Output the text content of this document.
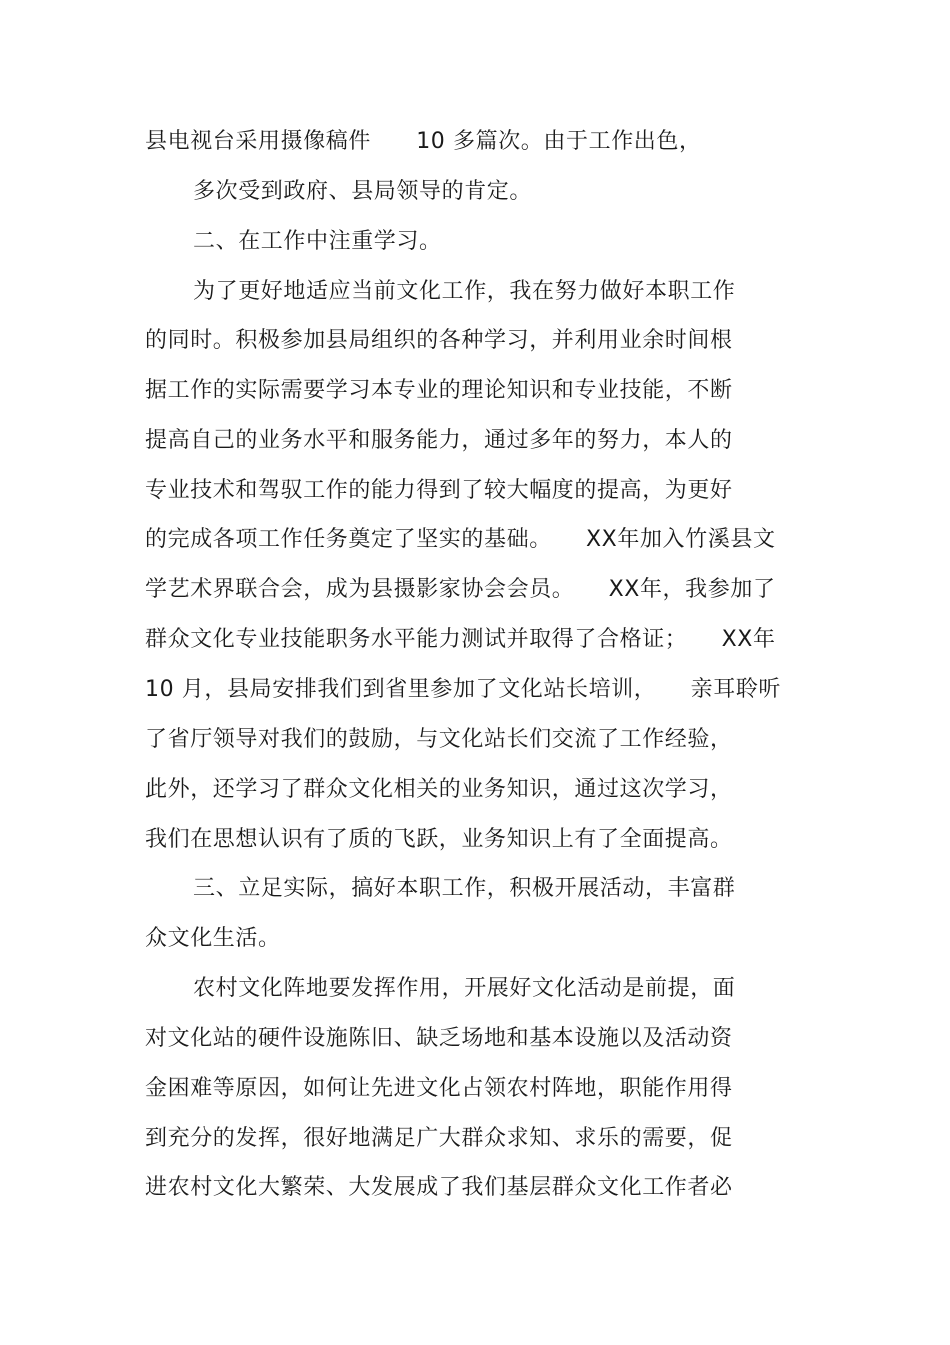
县电视台采用摄像稿件　　10 多篇次。由于工作出色，
多次受到政府、县局领导的肯定。
二、在工作中注重学习。
为了更好地适应当前文化工作，我在努力做好本职工作
的同时。积极参加县局组织的各种学习，并利用业余时间根
据工作的实际需要学习本专业的理论知识和专业技能，不断
提高自己的业务水平和服务能力，通过多年的努力，本人的
专业技术和驾驭工作的能力得到了较大幅度的提高，为更好
的完成各项工作任务奠定了坚实的基础。　　XX年加入竹溪县文
学艺术界联合会，成为县摄影家协会会员。　　XX年，我参加了
群众文化专业技能职务水平能力测试并取得了合格证；　　XX年
10 月，县局安排我们到省里参加了文化站长培训，　　亲耳聆听
了省厅领导对我们的鼓励，与文化站长们交流了工作经验，
此外，还学习了群众文化相关的业务知识，通过这次学习，
我们在思想认识有了质的飞跃，业务知识上有了全面提高。
三、立足实际，搞好本职工作，积极开展活动，丰富群
众文化生活。
农村文化阵地要发挥作用，开展好文化活动是前提，面
对文化站的硬件设施陈旧、缺乏场地和基本设施以及活动资
金困难等原因，如何让先进文化占领农村阵地，职能作用得
到充分的发挥，很好地满足广大群众求知、求乐的需要，促
进农村文化大繁荣、大发展成了我们基层群众文化工作者必
